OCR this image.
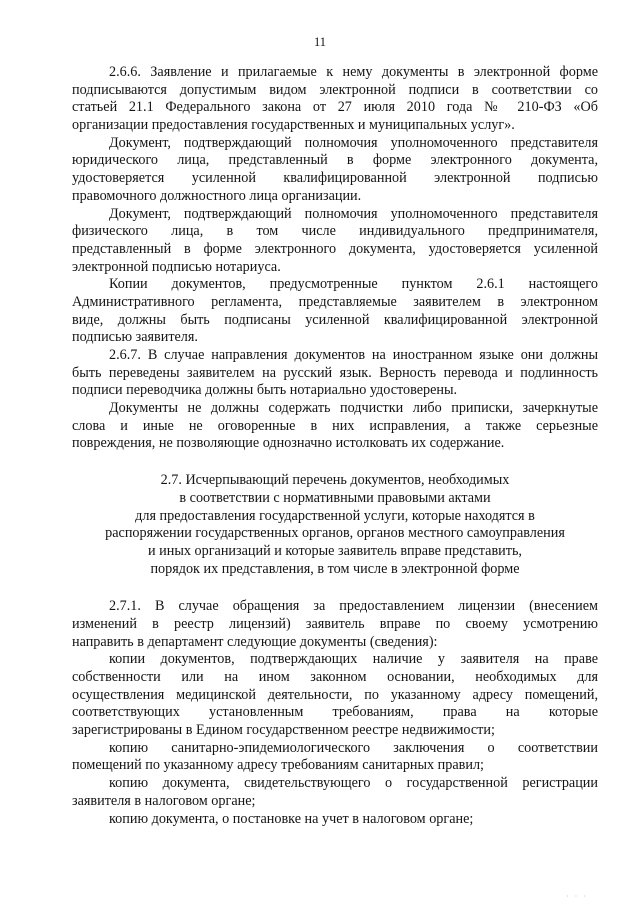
11
2.6.6. Заявление и прилагаемые к нему документы в электронной форме
подписываются допустимым видом электронной подписи в соответствии со
статьей 21.1 Федерального закона от 27 июля 2010 года № 210-ФЗ «Об
организации предоставления государственных и муниципальных услуг».
Документ, подтверждающий полномочия уполномоченного представителя
юридического лица, представленный в форме электронного документа,
удостоверяется усиленной квалифицированной электронной подписью
правомочного должностного лица организации.
Документ, подтверждающий полномочия уполномоченного представителя
физического лица, в том числе индивидуального предпринимателя,
представленный в форме электронного документа, удостоверяется усиленной
электронной подписью нотариуса.
Копии документов, предусмотренные пунктом 2.6.1 настоящего
Административного регламента, представляемые заявителем в электронном
виде, должны быть подписаны усиленной квалифицированной электронной
подписью заявителя.
2.6.7. В случае направления документов на иностранном языке они должны
быть переведены заявителем на русский язык. Верность перевода и подлинность
подписи переводчика должны быть нотариально удостоверены.
Документы не должны содержать подчистки либо приписки, зачеркнутые
слова и иные не оговоренные в них исправления, а также серьезные
повреждения, не позволяющие однозначно истолковать их содержание.
2.7. Исчерпывающий перечень документов, необходимых
в соответствии с нормативными правовыми актами
для предоставления государственной услуги, которые находятся в
распоряжении государственных органов, органов местного самоуправления
и иных организаций и которые заявитель вправе представить,
порядок их представления, в том числе в электронной форме
2.7.1. В случае обращения за предоставлением лицензии (внесением
изменений в реестр лицензий) заявитель вправе по своему усмотрению
направить в департамент следующие документы (сведения):
копии документов, подтверждающих наличие у заявителя на праве
собственности или на ином законном основании, необходимых для
осуществления медицинской деятельности, по указанному адресу помещений,
соответствующих установленным требованиям, права на которые
зарегистрированы в Едином государственном реестре недвижимости;
копию санитарно-эпидемиологического заключения о соответствии
помещений по указанному адресу требованиям санитарных правил;
копию документа, свидетельствующего о государственной регистрации
заявителя в налоговом органе;
копию документа, о постановке на учет в налоговом органе;
· · ·
